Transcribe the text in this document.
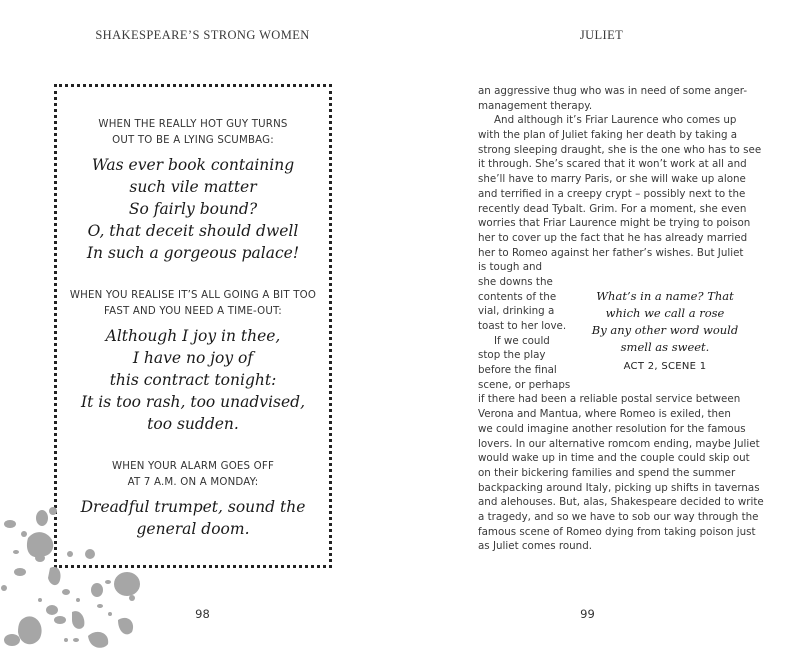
SHAKESPEARE’S STRONG WOMEN
WHEN THE REALLY HOT GUY TURNS
OUT TO BE A LYING SCUMBAG:
Was ever book containing
such vile matter
So fairly bound?
O, that deceit should dwell
In such a gorgeous palace!
WHEN YOU REALISE IT’S ALL GOING A BIT TOO
FAST AND YOU NEED A TIME-OUT:
Although I joy in thee,
I have no joy of
this contract tonight:
It is too rash, too unadvised,
too sudden.
WHEN YOUR ALARM GOES OFF
AT 7 A.M. ON A MONDAY:
Dreadful trumpet, sound the
general doom.
98
JULIET
99
an aggressive thug who was in need of some anger-
management therapy.
And although it’s Friar Laurence who comes up
with the plan of Juliet faking her death by taking a
strong sleeping draught, she is the one who has to see
it through. She’s scared that it won’t work at all and
she’ll have to marry Paris, or she will wake up alone
and terrified in a creepy crypt – possibly next to the
recently dead Tybalt. Grim. For a moment, she even
worries that Friar Laurence might be trying to poison
her to cover up the fact that he has already married
her to Romeo against her father’s wishes. But Juliet
is tough and
she downs the
contents of the
vial, drinking a
toast to her love.
If we could
stop the play
before the final
scene, or perhaps
if there had been a reliable postal service between
Verona and Mantua, where Romeo is exiled, then
we could imagine another resolution for the famous
lovers. In our alternative romcom ending, maybe Juliet
would wake up in time and the couple could skip out
on their bickering families and spend the summer
backpacking around Italy, picking up shifts in tavernas
and alehouses. But, alas, Shakespeare decided to write
a tragedy, and so we have to sob our way through the
famous scene of Romeo dying from taking poison just
as Juliet comes round.
What’s in a name? That
which we call a rose
By any other word would
smell as sweet.
ACT 2, SCENE 1
